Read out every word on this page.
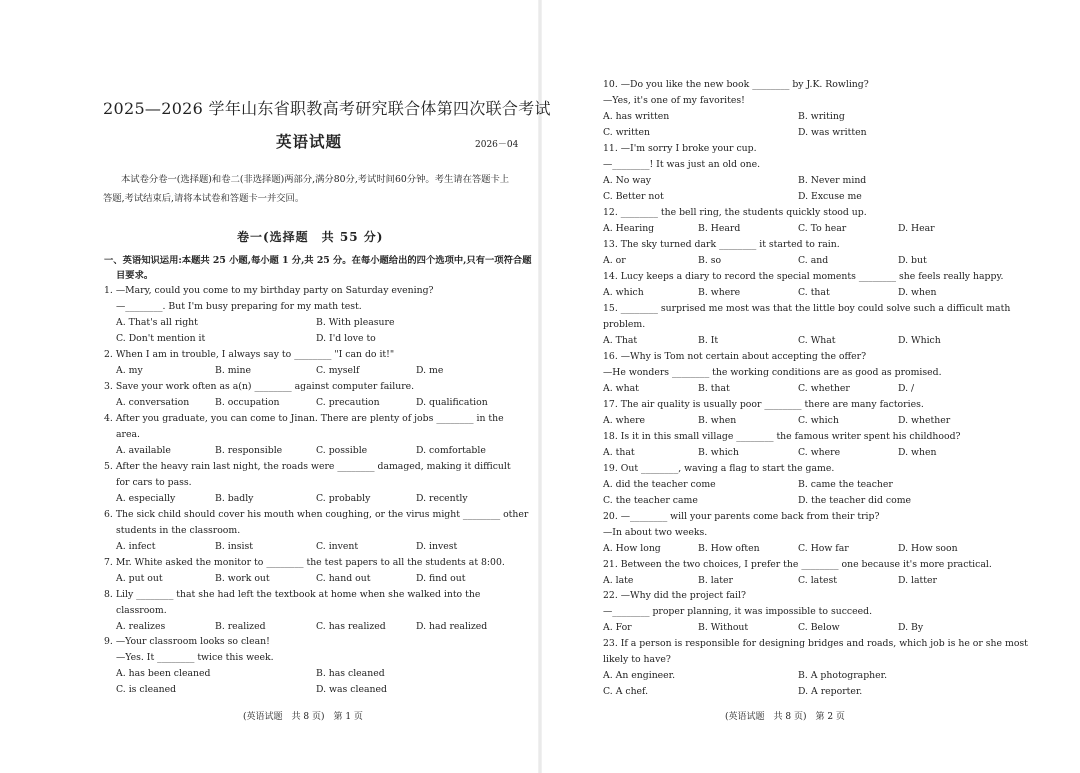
2025—2026 学年山东省职教高考研究联合体第四次联合考试
英语试题	2026－04
本试卷分卷一(选择题)和卷二(非选择题)两部分,满分80分,考试时间60分钟。考生请在答题卡上答题,考试结束后,请将本试卷和答题卡一并交回。
卷一(选择题　共 55 分)
一、英语知识运用:本题共 25 小题,每小题 1 分,共 25 分。在每小题给出的四个选项中,只有一项符合题目要求。
1. —Mary, could you come to my birthday party on Saturday evening?
—________. But I'm busy preparing for my math test.
A. That's all right	B. With pleasure
C. Don't mention it	D. I'd love to
2. When I am in trouble, I always say to ________ "I can do it!"
A. my	B. mine	C. myself	D. me
3. Save your work often as a(n) ________ against computer failure.
A. conversation	B. occupation	C. precaution	D. qualification
4. After you graduate, you can come to Jinan. There are plenty of jobs ________ in the
area.
A. available	B. responsible	C. possible	D. comfortable
5. After the heavy rain last night, the roads were ________ damaged, making it difficult
for cars to pass.
A. especially	B. badly	C. probably	D. recently
6. The sick child should cover his mouth when coughing, or the virus might ________ other
students in the classroom.
A. infect	B. insist	C. invent	D. invest
7. Mr. White asked the monitor to ________ the test papers to all the students at 8:00.
A. put out	B. work out	C. hand out	D. find out
8. Lily ________ that she had left the textbook at home when she walked into the
classroom.
A. realizes	B. realized	C. has realized	D. had realized
9. —Your classroom looks so clean!
—Yes. It ________ twice this week.
A. has been cleaned	B. has cleaned
C. is cleaned	D. was cleaned
(英语试题　共 8 页)　第 1 页
10. —Do you like the new book ________ by J.K. Rowling?
—Yes, it's one of my favorites!
A. has written	B. writing
C. written	D. was written
11. —I'm sorry I broke your cup.
—________! It was just an old one.
A. No way	B. Never mind
C. Better not	D. Excuse me
12. ________ the bell ring, the students quickly stood up.
A. Hearing	B. Heard	C. To hear	D. Hear
13. The sky turned dark ________ it started to rain.
A. or	B. so	C. and	D. but
14. Lucy keeps a diary to record the special moments ________ she feels really happy.
A. which	B. where	C. that	D. when
15. ________ surprised me most was that the little boy could solve such a difficult math
problem.
A. That	B. It	C. What	D. Which
16. —Why is Tom not certain about accepting the offer?
—He wonders ________ the working conditions are as good as promised.
A. what	B. that	C. whether	D. /
17. The air quality is usually poor ________ there are many factories.
A. where	B. when	C. which	D. whether
18. Is it in this small village ________ the famous writer spent his childhood?
A. that	B. which	C. where	D. when
19. Out ________, waving a flag to start the game.
A. did the teacher come	B. came the teacher
C. the teacher came	D. the teacher did come
20. —________ will your parents come back from their trip?
—In about two weeks.
A. How long	B. How often	C. How far	D. How soon
21. Between the two choices, I prefer the ________ one because it's more practical.
A. late	B. later	C. latest	D. latter
22. —Why did the project fail?
—________ proper planning, it was impossible to succeed.
A. For	B. Without	C. Below	D. By
23. If a person is responsible for designing bridges and roads, which job is he or she most
likely to have?
A. An engineer.	B. A photographer.
C. A chef.	D. A reporter.
(英语试题　共 8 页)　第 2 页
